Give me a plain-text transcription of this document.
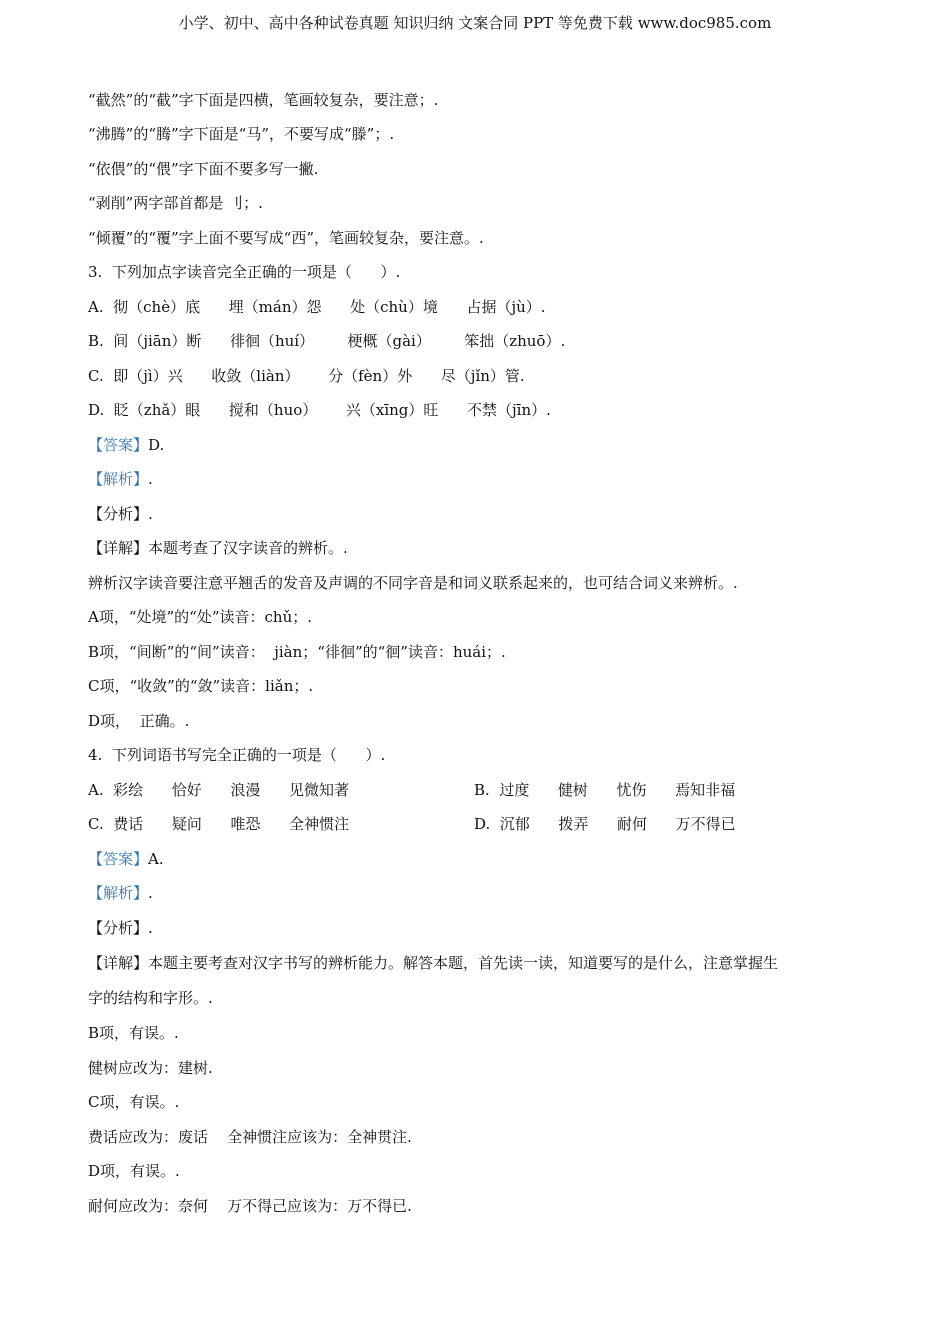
小学、初中、高中各种试卷真题 知识归纳 文案合同 PPT 等免费下载 www.doc985.com
“截然”的“截”字下面是四横，笔画较复杂，要注意；.
“沸腾”的“腾”字下面是“马”，不要写成“滕”；.
“依偎”的“偎”字下面不要多写一撇.
“剥削”两字部首都是 刂；.
“倾覆”的“覆”字上面不要写成“西”，笔画较复杂，要注意。.
3.  下列加点字读音完全正确的一项是（      ）.
A.  彻（chè）底      埋（mán）怨      处（chù）境      占据（jù）.
B.  间（jiān）断      徘徊（huí）       梗概（gài）       笨拙（zhuō）.
C.  即（jì）兴      收敛（liàn）      分（fèn）外      尽（jǐn）管.
D.  眨（zhǎ）眼      搅和（huo）      兴（xīng）旺      不禁（jīn）.
【答案】D.
【解析】.
【分析】.
【详解】本题考查了汉字读音的辨析。.
辨析汉字读音要注意平翘舌的发音及声调的不同字音是和词义联系起来的，也可结合词义来辨析。.
A项，“处境”的“处”读音：chǔ；.
B项，“间断”的“间”读音：  jiàn；“徘徊”的“徊”读音：huái；.
C项，“收敛”的“敛”读音：liǎn；.
D项，  正确。.
4.  下列词语书写完全正确的一项是（      ）.
A.  彩绘      恰好      浪漫      见微知著	B.  过度      健树      忧伤      焉知非福
C.  费话      疑问      唯恐      全神惯注	D.  沉郁      拨弄      耐何      万不得已
【答案】A.
【解析】.
【分析】.
【详解】本题主要考查对汉字书写的辨析能力。解答本题，首先读一读，知道要写的是什么，注意掌握生
字的结构和字形。.
B项，有误。.
健树应改为：建树.
C项，有误。.
费话应改为：废话    全神惯注应该为：全神贯注.
D项，有误。.
耐何应改为：奈何    万不得己应该为：万不得已.
